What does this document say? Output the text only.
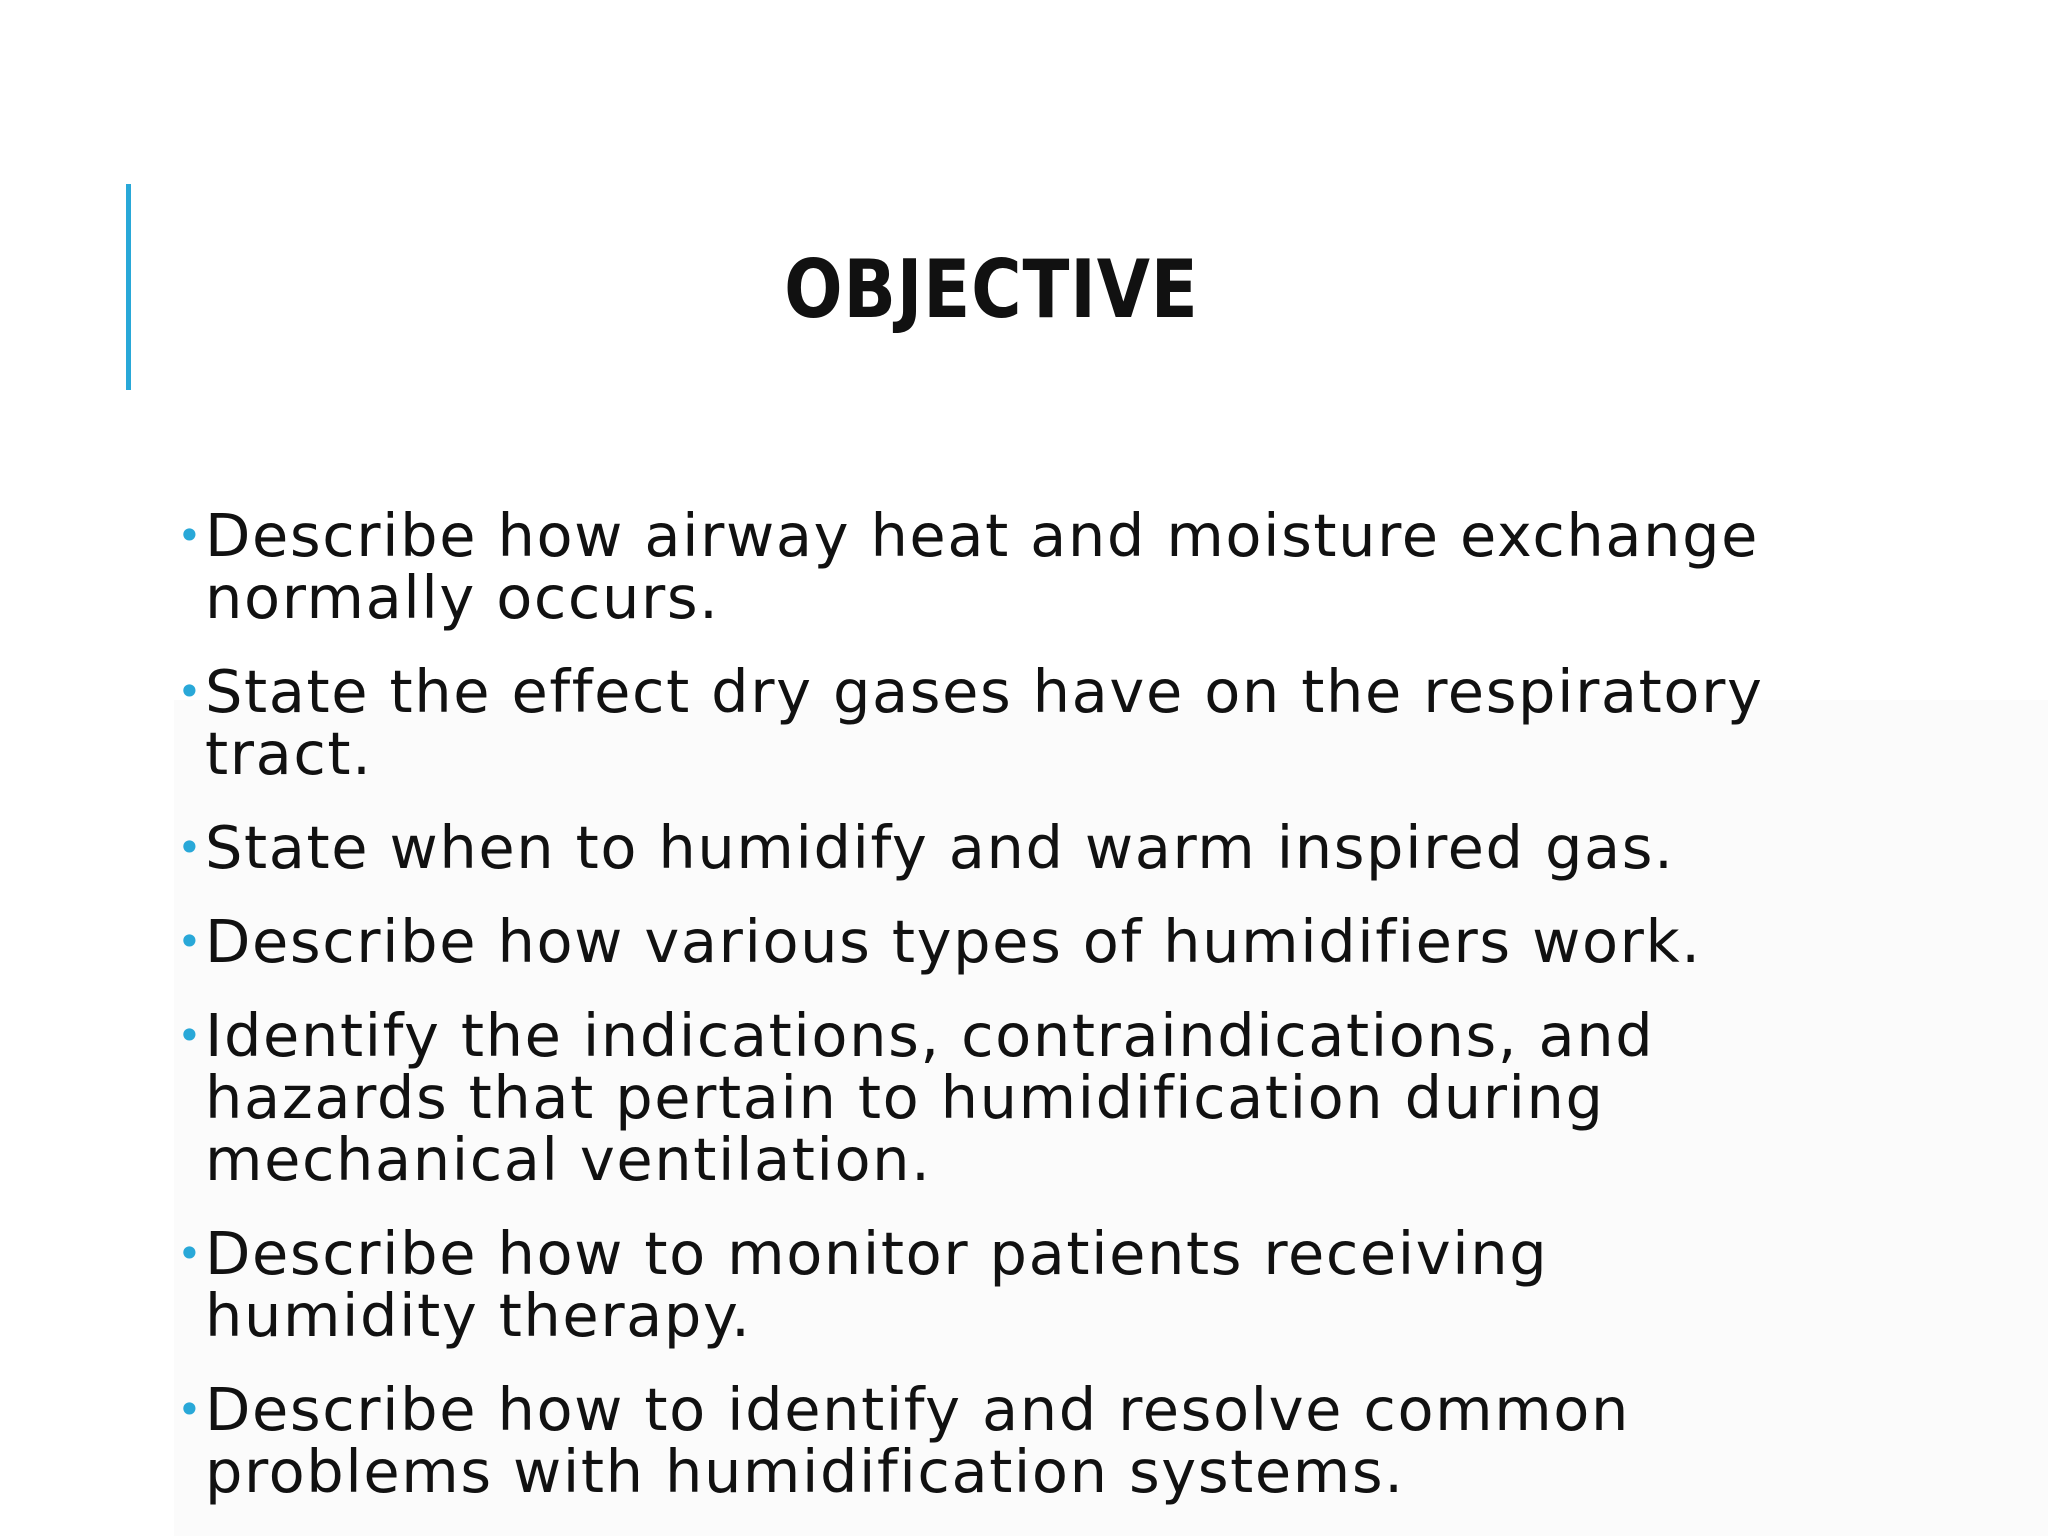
OBJECTIVE
• Describe how airway heat and moisture exchange normally occurs.
• State the effect dry gases have on the respiratory tract.
• State when to humidify and warm inspired gas.
• Describe how various types of humidifiers work.
• Identify the indications, contraindications, and hazards that pertain to humidification during mechanical ventilation.
• Describe how to monitor patients receiving humidity therapy.
• Describe how to identify and resolve common problems with humidification systems.
